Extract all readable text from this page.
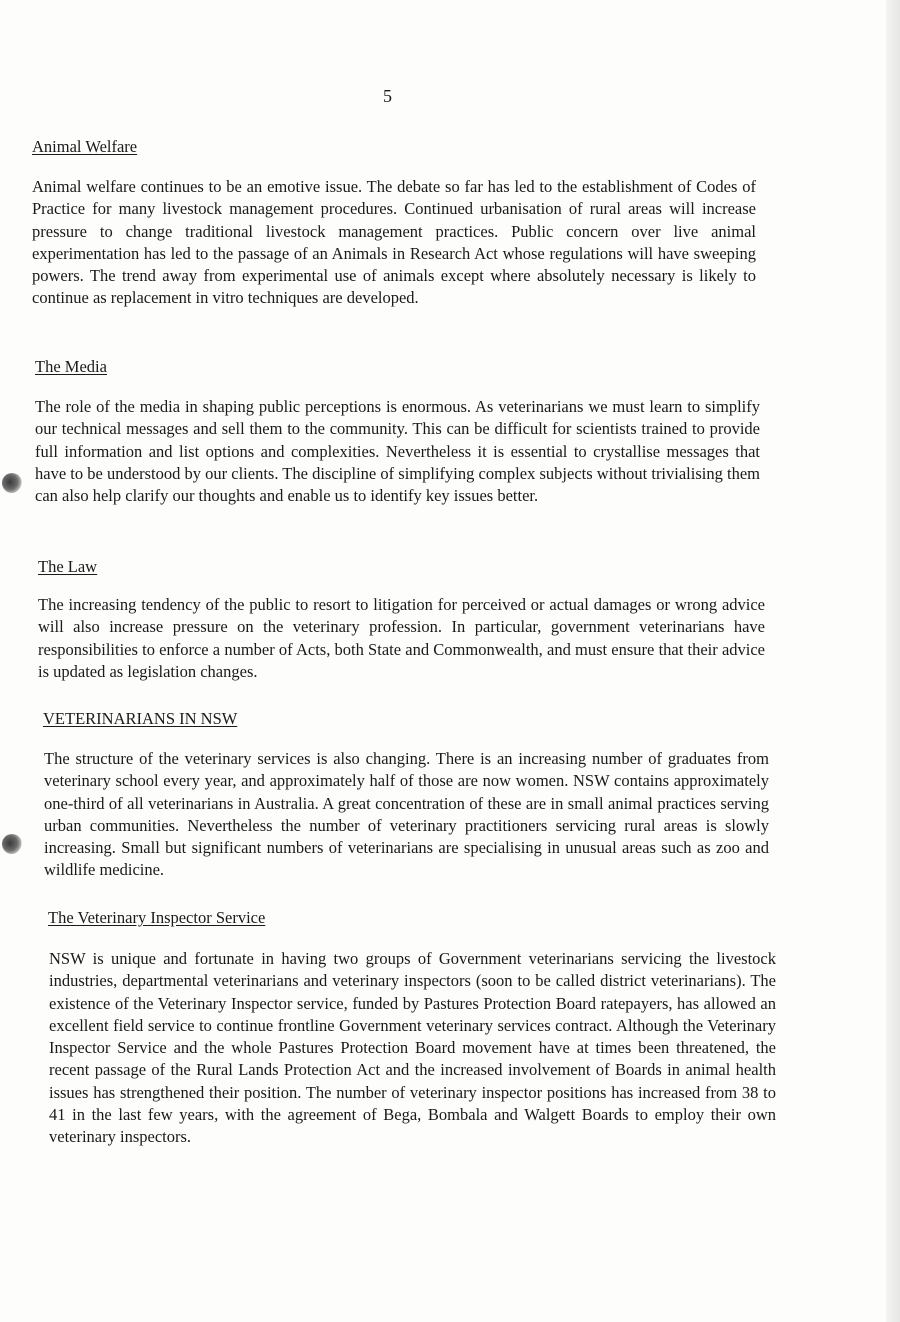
5
Animal Welfare

Animal welfare continues to be an emotive issue. The debate so far has led to the establishment of Codes of Practice for many livestock management procedures. Continued urbanisation of rural areas will increase pressure to change traditional livestock management practices. Public concern over live animal experimentation has led to the passage of an Animals in Research Act whose regulations will have sweeping powers. The trend away from experimental use of animals except where absolutely necessary is likely to continue as replacement in vitro techniques are developed.

The Media

The role of the media in shaping public perceptions is enormous. As veterinarians we must learn to simplify our technical messages and sell them to the community. This can be difficult for scientists trained to provide full information and list options and complexities. Nevertheless it is essential to crystallise messages that have to be understood by our clients. The discipline of simplifying complex subjects without trivialising them can also help clarify our thoughts and enable us to identify key issues better.

The Law

The increasing tendency of the public to resort to litigation for perceived or actual damages or wrong advice will also increase pressure on the veterinary profession. In particular, government veterinarians have responsibilities to enforce a number of Acts, both State and Commonwealth, and must ensure that their advice is updated as legislation changes.

VETERINARIANS IN NSW

The structure of the veterinary services is also changing. There is an increasing number of graduates from veterinary school every year, and approximately half of those are now women. NSW contains approximately one-third of all veterinarians in Australia. A great concentration of these are in small animal practices serving urban communities. Nevertheless the number of veterinary practitioners servicing rural areas is slowly increasing. Small but significant numbers of veterinarians are specialising in unusual areas such as zoo and wildlife medicine.

The Veterinary Inspector Service

NSW is unique and fortunate in having two groups of Government veterinarians servicing the livestock industries, departmental veterinarians and veterinary inspectors (soon to be called district veterinarians). The existence of the Veterinary Inspector service, funded by Pastures Protection Board ratepayers, has allowed an excellent field service to continue frontline Government veterinary services contract. Although the Veterinary Inspector Service and the whole Pastures Protection Board movement have at times been threatened, the recent passage of the Rural Lands Protection Act and the increased involvement of Boards in animal health issues has strengthened their position. The number of veterinary inspector positions has increased from 38 to 41 in the last few years, with the agreement of Bega, Bombala and Walgett Boards to employ their own veterinary inspectors.
